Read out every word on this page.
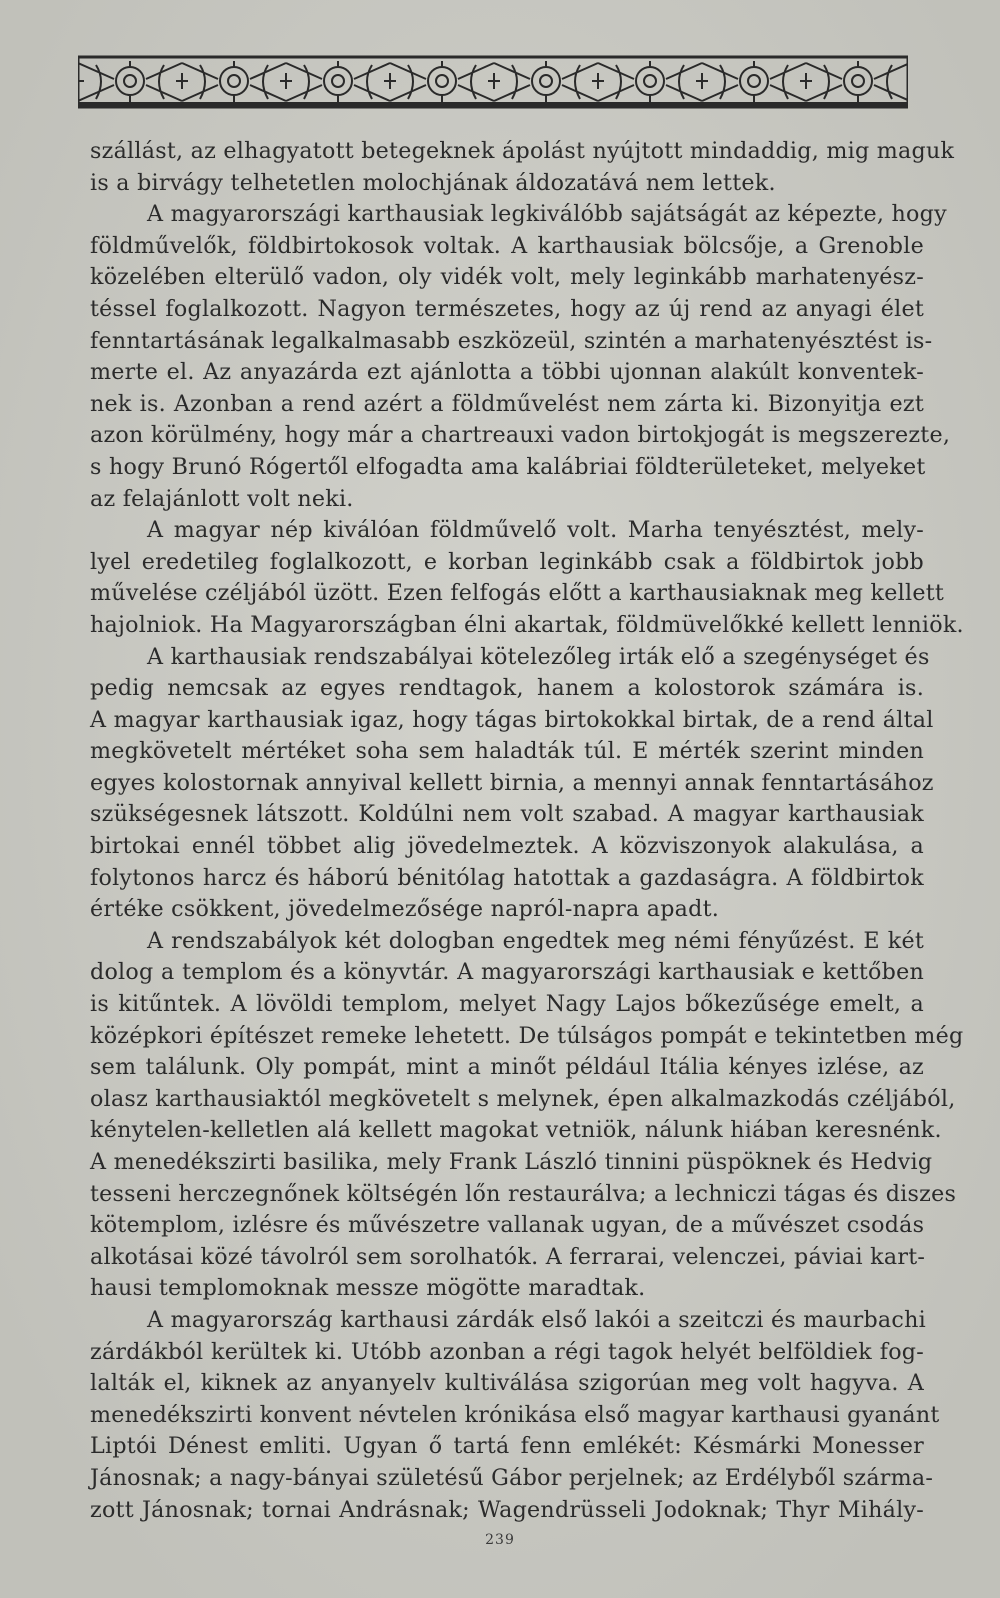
szállást, az elhagyatott betegeknek ápolást nyújtott mindaddig, mig maguk
is a birvágy telhetetlen molochjának áldozatává nem lettek.
A magyarországi karthausiak legkiválóbb sajátságát az képezte, hogy
földművelők, földbirtokosok voltak. A karthausiak bölcsője, a Grenoble
közelében elterülő vadon, oly vidék volt, mely leginkább marhatenyész-
téssel foglalkozott. Nagyon természetes, hogy az új rend az anyagi élet
fenntartásának legalkalmasabb eszközeül, szintén a marhatenyésztést is-
merte el. Az anyazárda ezt ajánlotta a többi ujonnan alakúlt konventek-
nek is. Azonban a rend azért a földművelést nem zárta ki. Bizonyitja ezt
azon körülmény, hogy már a chartreauxi vadon birtokjogát is megszerezte,
s hogy Brunó Rógertől elfogadta ama kalábriai földterületeket, melyeket
az felajánlott volt neki.
A magyar nép kiválóan földművelő volt. Marha tenyésztést, mely-
lyel eredetileg foglalkozott, e korban leginkább csak a földbirtok jobb
művelése czéljából üzött. Ezen felfogás előtt a karthausiaknak meg kellett
hajolniok. Ha Magyarországban élni akartak, földmüvelőkké kellett lenniök.
A karthausiak rendszabályai kötelezőleg irták elő a szegénységet és
pedig nemcsak az egyes rendtagok, hanem a kolostorok számára is.
A magyar karthausiak igaz, hogy tágas birtokokkal birtak, de a rend által
megkövetelt mértéket soha sem haladták túl. E mérték szerint minden
egyes kolostornak annyival kellett birnia, a mennyi annak fenntartásához
szükségesnek látszott. Koldúlni nem volt szabad. A magyar karthausiak
birtokai ennél többet alig jövedelmeztek. A közviszonyok alakulása, a
folytonos harcz és háború bénitólag hatottak a gazdaságra. A földbirtok
értéke csökkent, jövedelmezősége napról-napra apadt.
A rendszabályok két dologban engedtek meg némi fényűzést. E két
dolog a templom és a könyvtár. A magyarországi karthausiak e kettőben
is kitűntek. A lövöldi templom, melyet Nagy Lajos bőkezűsége emelt, a
középkori építészet remeke lehetett. De túlságos pompát e tekintetben még
sem találunk. Oly pompát, mint a minőt például Itália kényes izlése, az
olasz karthausiaktól megkövetelt s melynek, épen alkalmazkodás czéljából,
kénytelen-kelletlen alá kellett magokat vetniök, nálunk hiában keresnénk.
A menedékszirti basilika, mely Frank László tinnini püspöknek és Hedvig
tesseni herczegnőnek költségén lőn restaurálva; a lechniczi tágas és diszes
kötemplom, izlésre és művészetre vallanak ugyan, de a művészet csodás
alkotásai közé távolról sem sorolhatók. A ferrarai, velenczei, páviai kart-
hausi templomoknak messze mögötte maradtak.
A magyarország karthausi zárdák első lakói a szeitczi és maurbachi
zárdákból kerültek ki. Utóbb azonban a régi tagok helyét belföldiek fog-
lalták el, kiknek az anyanyelv kultiválása szigorúan meg volt hagyva. A
menedékszirti konvent névtelen krónikása első magyar karthausi gyanánt
Liptói Dénest emliti. Ugyan ő tartá fenn emlékét: Késmárki Monesser
Jánosnak; a nagy-bányai születésű Gábor perjelnek; az Erdélyből szárma-
zott Jánosnak; tornai Andrásnak; Wagendrüsseli Jodoknak; Thyr Mihály-
239
